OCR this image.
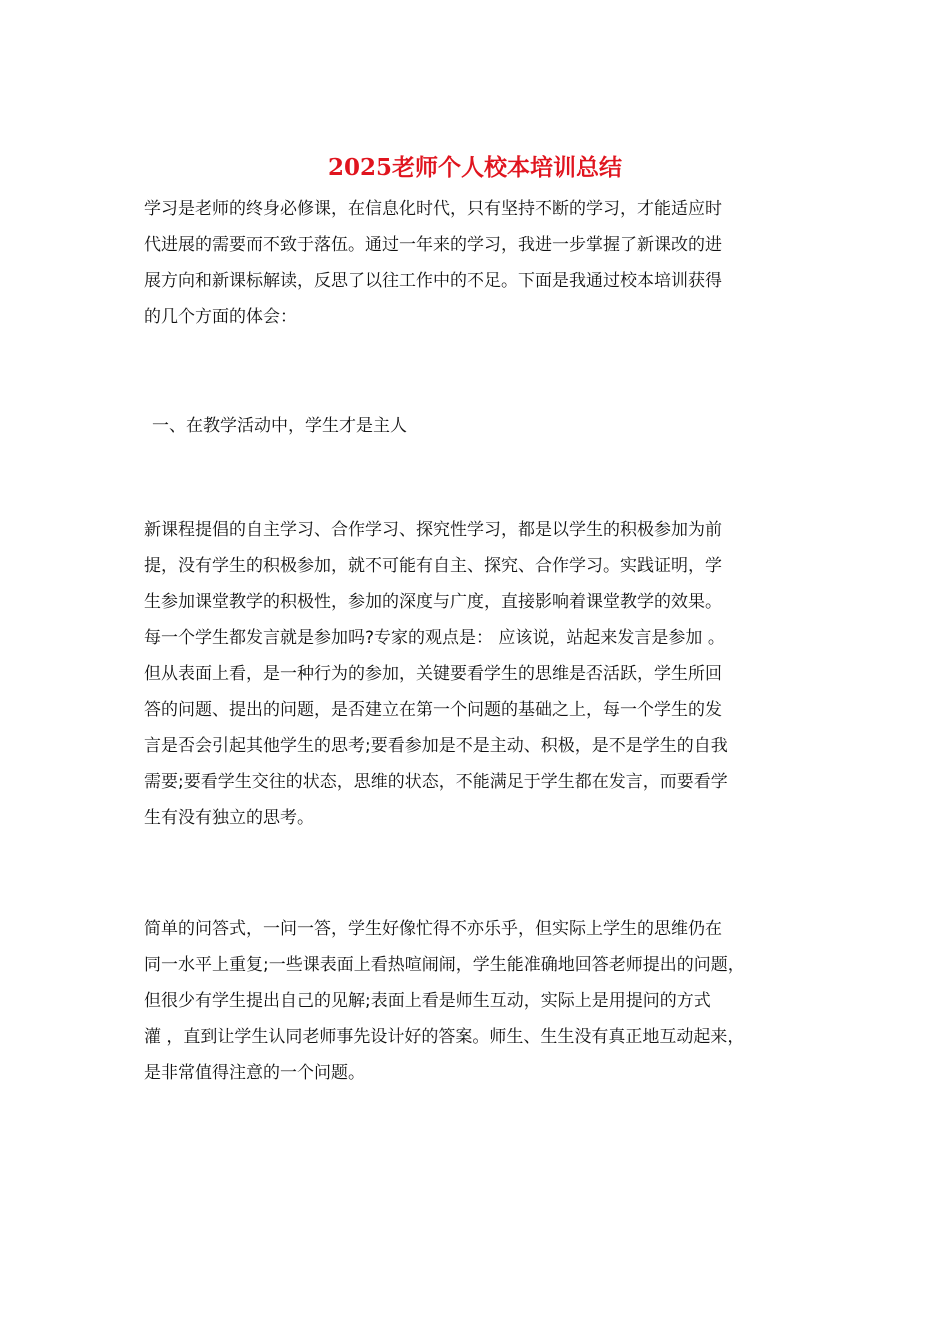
2025老师个人校本培训总结

学习是老师的终身必修课，在信息化时代，只有坚持不断的学习，才能适应时
代进展的需要而不致于落伍。通过一年来的学习，我进一步掌握了新课改的进
展方向和新课标解读，反思了以往工作中的不足。下面是我通过校本培训获得
的几个方面的体会：

一、在教学活动中，学生才是主人

新课程提倡的自主学习、合作学习、探究性学习，都是以学生的积极参加为前
提，没有学生的积极参加，就不可能有自主、探究、合作学习。实践证明，学
生参加课堂教学的积极性，参加的深度与广度，直接影响着课堂教学的效果。
每一个学生都发言就是参加吗?专家的观点是： 应该说，站起来发言是参加 。
但从表面上看，是一种行为的参加，关键要看学生的思维是否活跃，学生所回
答的问题、提出的问题，是否建立在第一个问题的基础之上，每一个学生的发
言是否会引起其他学生的思考;要看参加是不是主动、积极，是不是学生的自我
需要;要看学生交往的状态，思维的状态，不能满足于学生都在发言，而要看学
生有没有独立的思考。

简单的问答式，一问一答，学生好像忙得不亦乐乎，但实际上学生的思维仍在
同一水平上重复;一些课表面上看热喧闹闹，学生能准确地回答老师提出的问题，
但很少有学生提出自己的见解;表面上看是师生互动，实际上是用提问的方式
灌 ，直到让学生认同老师事先设计好的答案。师生、生生没有真正地互动起来，
是非常值得注意的一个问题。
